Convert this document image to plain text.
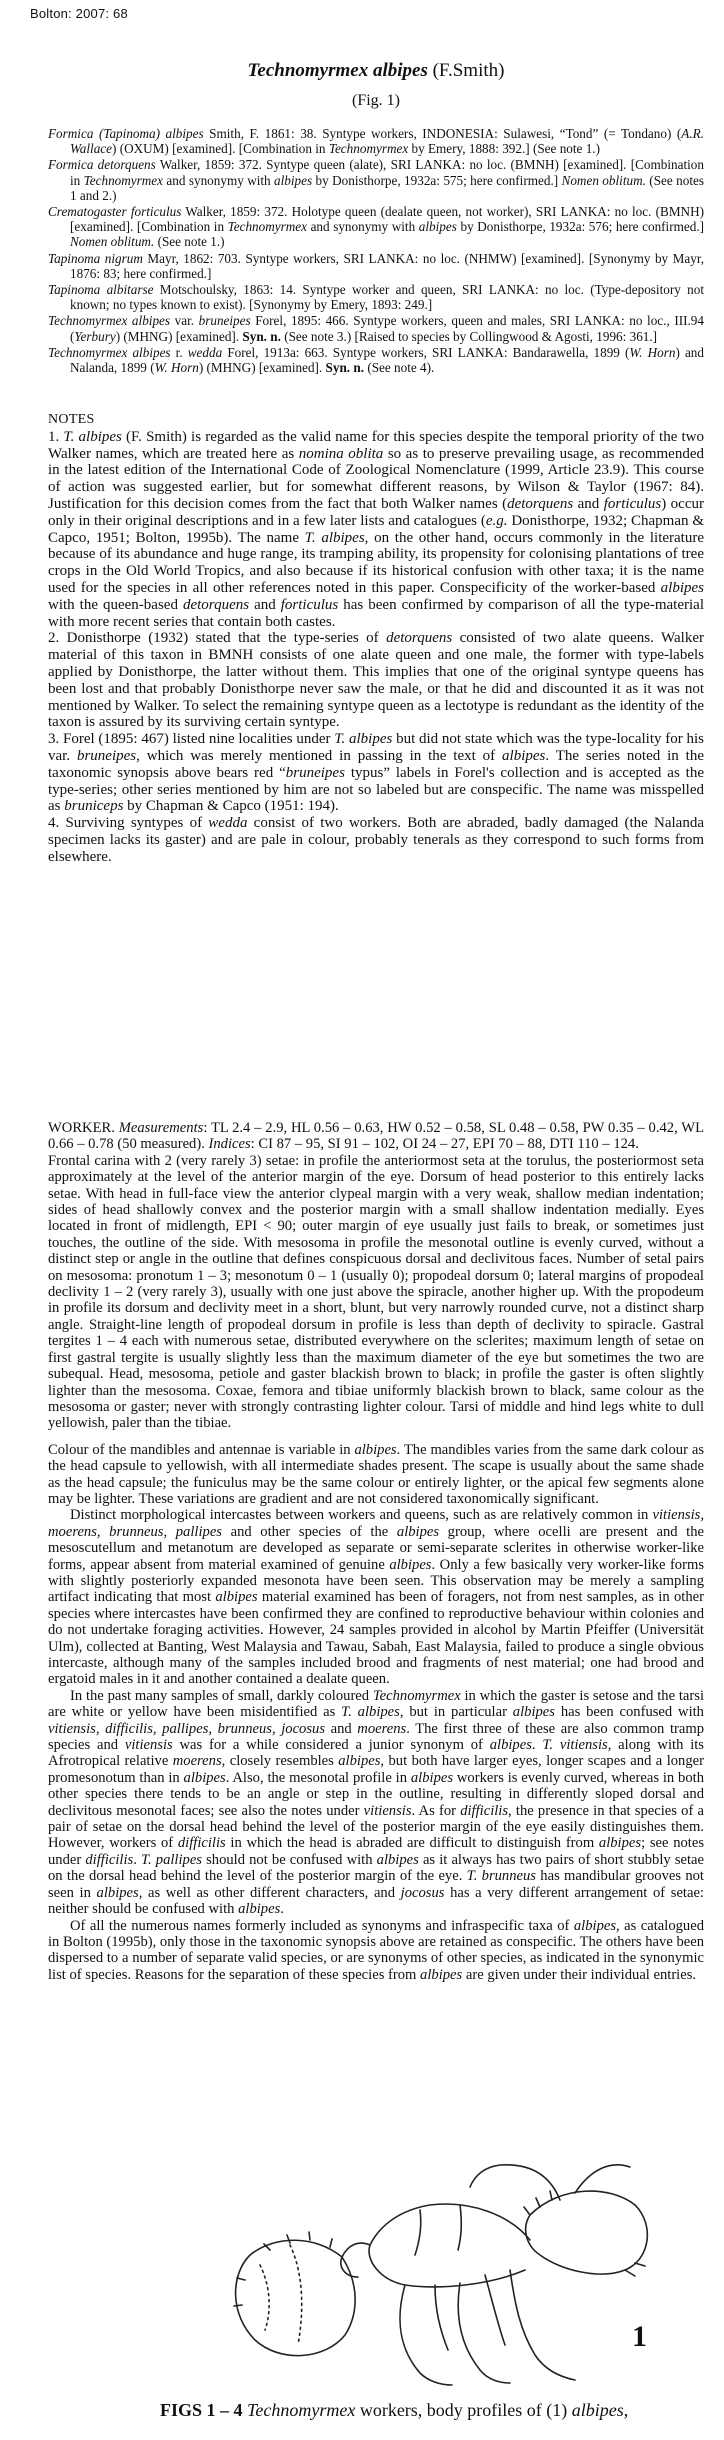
Bolton: 2007: 68
Technomyrmex albipes (F.Smith)
(Fig. 1)

Formica (Tapinoma) albipes Smith, F. 1861: 38. Syntype workers, INDONESIA: Sulawesi, “Tond” (= Tondano) (A.R. Wallace) (OXUM) [examined]. [Combination in Technomyrmex by Emery, 1888: 392.] (See note 1.)

Formica detorquens Walker, 1859: 372. Syntype queen (alate), SRI LANKA: no loc. (BMNH) [examined]. [Combination in Technomyrmex and synonymy with albipes by Donisthorpe, 1932a: 575; here confirmed.] Nomen oblitum. (See notes 1 and 2.)

Crematogaster forticulus Walker, 1859: 372. Holotype queen (dealate queen, not worker), SRI LANKA: no loc. (BMNH) [examined]. [Combination in Technomyrmex and synonymy with albipes by Donisthorpe, 1932a: 576; here confirmed.] Nomen oblitum. (See note 1.)

Tapinoma nigrum Mayr, 1862: 703. Syntype workers, SRI LANKA: no loc. (NHMW) [examined]. [Synonymy by Mayr, 1876: 83; here confirmed.]

Tapinoma albitarse Motschoulsky, 1863: 14. Syntype worker and queen, SRI LANKA: no loc. (Type-depository not known; no types known to exist). [Synonymy by Emery, 1893: 249.]

Technomyrmex albipes var. bruneipes Forel, 1895: 466. Syntype workers, queen and males, SRI LANKA: no loc., III.94 (Yerbury) (MHNG) [examined]. Syn. n. (See note 3.) [Raised to species by Collingwood & Agosti, 1996: 361.]

Technomyrmex albipes r. wedda Forel, 1913a: 663. Syntype workers, SRI LANKA: Bandarawella, 1899 (W. Horn) and Nalanda, 1899 (W. Horn) (MHNG) [examined]. Syn. n. (See note 4).

NOTES

1. T. albipes (F. Smith) is regarded as the valid name for this species despite the temporal priority of the two Walker names, which are treated here as nomina oblita so as to preserve prevailing usage, as recommended in the latest edition of the International Code of Zoological Nomenclature (1999, Article 23.9). This course of action was suggested earlier, but for somewhat different reasons, by Wilson & Taylor (1967: 84). Justification for this decision comes from the fact that both Walker names (detorquens and forticulus) occur only in their original descriptions and in a few later lists and catalogues (e.g. Donisthorpe, 1932; Chapman & Capco, 1951; Bolton, 1995b). The name T. albipes, on the other hand, occurs commonly in the literature because of its abundance and huge range, its tramping ability, its propensity for colonising plantations of tree crops in the Old World Tropics, and also because if its historical confusion with other taxa; it is the name used for the species in all other references noted in this paper. Conspecificity of the worker-based albipes with the queen-based detorquens and forticulus has been confirmed by comparison of all the type-material with more recent series that contain both castes.

2. Donisthorpe (1932) stated that the type-series of detorquens consisted of two alate queens. Walker material of this taxon in BMNH consists of one alate queen and one male, the former with type-labels applied by Donisthorpe, the latter without them. This implies that one of the original syntype queens has been lost and that probably Donisthorpe never saw the male, or that he did and discounted it as it was not mentioned by Walker. To select the remaining syntype queen as a lectotype is redundant as the identity of the taxon is assured by its surviving certain syntype.

3. Forel (1895: 467) listed nine localities under T. albipes but did not state which was the type-locality for his var. bruneipes, which was merely mentioned in passing in the text of albipes. The series noted in the taxonomic synopsis above bears red “bruneipes typus” labels in Forel's collection and is accepted as the type-series; other series mentioned by him are not so labeled but are conspecific. The name was misspelled as bruniceps by Chapman & Capco (1951: 194).

4. Surviving syntypes of wedda consist of two workers. Both are abraded, badly damaged (the Nalanda specimen lacks its gaster) and are pale in colour, probably tenerals as they correspond to such forms from elsewhere.

WORKER. Measurements: TL 2.4 – 2.9, HL 0.56 – 0.63, HW 0.52 – 0.58, SL 0.48 – 0.58, PW 0.35 – 0.42, WL 0.66 – 0.78 (50 measured). Indices: CI 87 – 95, SI 91 – 102, OI 24 – 27, EPI 70 – 88, DTI 110 – 124.

Frontal carina with 2 (very rarely 3) setae: in profile the anteriormost seta at the torulus, the posteriormost seta approximately at the level of the anterior margin of the eye. Dorsum of head posterior to this entirely lacks setae. With head in full-face view the anterior clypeal margin with a very weak, shallow median indentation; sides of head shallowly convex and the posterior margin with a small shallow indentation medially. Eyes located in front of midlength, EPI < 90; outer margin of eye usually just fails to break, or sometimes just touches, the outline of the side. With mesosoma in profile the mesonotal outline is evenly curved, without a distinct step or angle in the outline that defines conspicuous dorsal and declivitous faces. Number of setal pairs on mesosoma: pronotum 1 – 3; mesonotum 0 – 1 (usually 0); propodeal dorsum 0; lateral margins of propodeal declivity 1 – 2 (very rarely 3), usually with one just above the spiracle, another higher up. With the propodeum in profile its dorsum and declivity meet in a short, blunt, but very narrowly rounded curve, not a distinct sharp angle. Straight-line length of propodeal dorsum in profile is less than depth of declivity to spiracle. Gastral tergites 1 – 4 each with numerous setae, distributed everywhere on the sclerites; maximum length of setae on first gastral tergite is usually slightly less than the maximum diameter of the eye but sometimes the two are subequal. Head, mesosoma, petiole and gaster blackish brown to black; in profile the gaster is often slightly lighter than the mesosoma. Coxae, femora and tibiae uniformly blackish brown to black, same colour as the mesosoma or gaster; never with strongly contrasting lighter colour. Tarsi of middle and hind legs white to dull yellowish, paler than the tibiae.

Colour of the mandibles and antennae is variable in albipes. The mandibles varies from the same dark colour as the head capsule to yellowish, with all intermediate shades present. The scape is usually about the same shade as the head capsule; the funiculus may be the same colour or entirely lighter, or the apical few segments alone may be lighter. These variations are gradient and are not considered taxonomically significant.

Distinct morphological intercastes between workers and queens, such as are relatively common in vitiensis, moerens, brunneus, pallipes and other species of the albipes group, where ocelli are present and the mesoscutellum and metanotum are developed as separate or semi-separate sclerites in otherwise worker-like forms, appear absent from material examined of genuine albipes. Only a few basically very worker-like forms with slightly posteriorly expanded mesonota have been seen. This observation may be merely a sampling artifact indicating that most albipes material examined has been of foragers, not from nest samples, as in other species where intercastes have been confirmed they are confined to reproductive behaviour within colonies and do not undertake foraging activities. However, 24 samples provided in alcohol by Martin Pfeiffer (Universität Ulm), collected at Banting, West Malaysia and Tawau, Sabah, East Malaysia, failed to produce a single obvious intercaste, although many of the samples included brood and fragments of nest material; one had brood and ergatoid males in it and another contained a dealate queen.

In the past many samples of small, darkly coloured Technomyrmex in which the gaster is setose and the tarsi are white or yellow have been misidentified as T. albipes, but in particular albipes has been confused with vitiensis, difficilis, pallipes, brunneus, jocosus and moerens. The first three of these are also common tramp species and vitiensis was for a while considered a junior synonym of albipes. T. vitiensis, along with its Afrotropical relative moerens, closely resembles albipes, but both have larger eyes, longer scapes and a longer promesonotum than in albipes. Also, the mesonotal profile in albipes workers is evenly curved, whereas in both other species there tends to be an angle or step in the outline, resulting in differently sloped dorsal and declivitous mesonotal faces; see also the notes under vitiensis. As for difficilis, the presence in that species of a pair of setae on the dorsal head behind the level of the posterior margin of the eye easily distinguishes them. However, workers of difficilis in which the head is abraded are difficult to distinguish from albipes; see notes under difficilis. T. pallipes should not be confused with albipes as it always has two pairs of short stubbly setae on the dorsal head behind the level of the posterior margin of the eye. T. brunneus has mandibular grooves not seen in albipes, as well as other different characters, and jocosus has a very different arrangement of setae: neither should be confused with albipes.

Of all the numerous names formerly included as synonyms and infraspecific taxa of albipes, as catalogued in Bolton (1995b), only those in the taxonomic synopsis above are retained as conspecific. The others have been dispersed to a number of separate valid species, or are synonyms of other species, as indicated in the synonymic list of species. Reasons for the separation of these species from albipes are given under their individual entries.

1
FIGS 1 – 4 Technomyrmex workers, body profiles of (1) albipes,
